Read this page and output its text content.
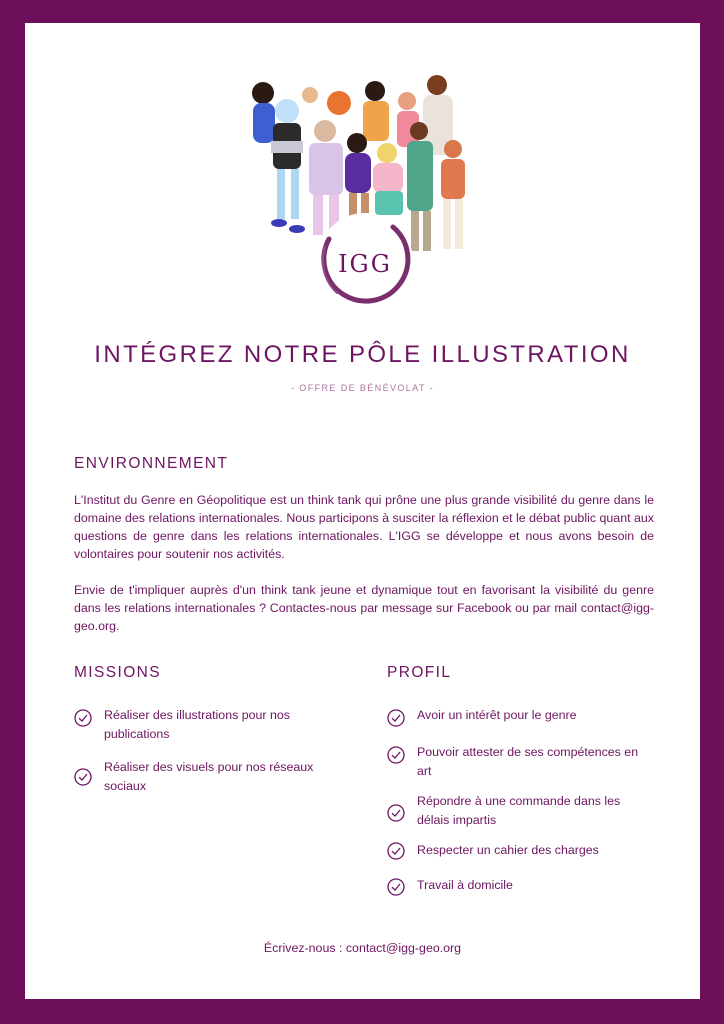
IGG
INTÉGREZ NOTRE PÔLE ILLUSTRATION
- OFFRE DE BÉNÉVOLAT -
ENVIRONNEMENT

L'Institut du Genre en Géopolitique est un think tank qui prône une plus grande visibilité du genre dans le domaine des relations internationales. Nous participons à susciter la réflexion et le débat public quant aux questions de genre dans les relations internationales. L'IGG se développe et nous avons besoin de volontaires pour soutenir nos activités.

Envie de t'impliquer auprès d'un think tank jeune et dynamique tout en favorisant la visibilité du genre dans les relations internationales ? Contactes-nous par message sur Facebook ou par mail contact@igg-geo.org.

MISSIONS
Réaliser des illustrations pour nos publications
Réaliser des visuels pour nos réseaux sociaux
PROFIL
Avoir un intérêt pour le genre
Pouvoir attester de ses compétences en art
Répondre à une commande dans les délais impartis
Respecter un cahier des charges
Travail à domicile
Écrivez-nous : contact@igg-geo.org
